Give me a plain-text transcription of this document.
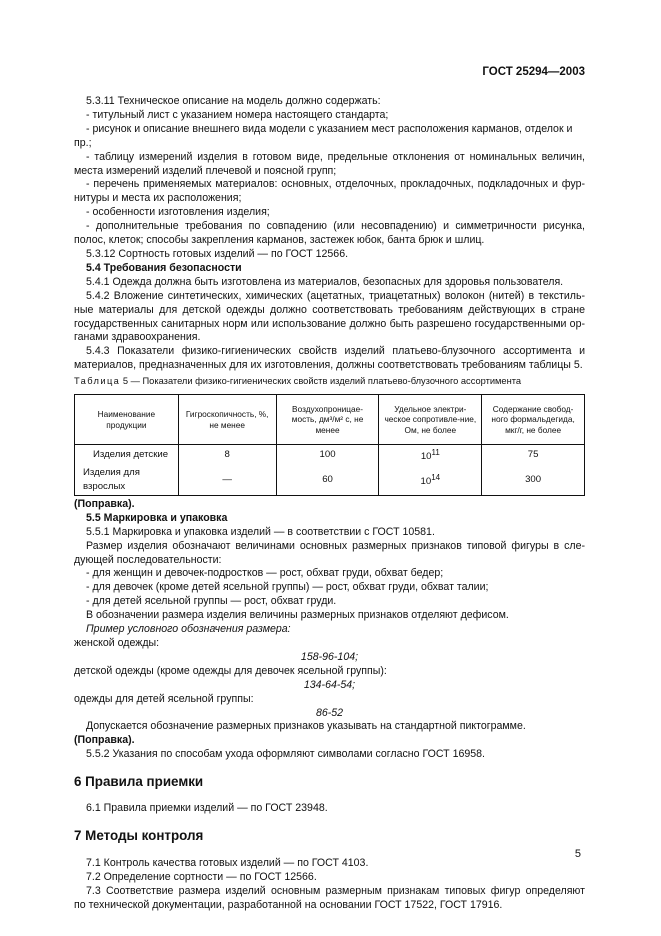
ГОСТ 25294—2003

5.3.11 Техническое описание на модель должно содержать:

- титульный лист с указанием номера настоящего стандарта;

- рисунок и описание внешнего вида модели с указанием мест расположения карманов, отделок и пр.;

- таблицу измерений изделия в готовом виде, предельные отклонения от номинальных величин,

места измерений изделий плечевой и поясной групп;

- перечень применяемых материалов: основных, отделочных, прокладочных, подкладочных и фур-

нитуры и места их расположения;

- особенности изготовления изделия;

- дополнительные требования по совпадению (или несовпадению) и симметричности рисунка,

полос, клеток; способы закрепления карманов, застежек юбок, банта брюк и шлиц.

5.3.12 Сортность готовых изделий — по ГОСТ 12566.

5.4 Требования безопасности

5.4.1 Одежда должна быть изготовлена из материалов, безопасных для здоровья пользователя.

5.4.2 Вложение синтетических, химических (ацетатных, триацетатных) волокон (нитей) в текстиль-

ные материалы для детской одежды должно соответствовать требованиям действующих в стране

государственных санитарных норм или использование должно быть разрешено государственными ор-

ганами здравоохранения.

5.4.3 Показатели физико-гигиенических свойств изделий платьево-блузочного ассортимента и

материалов, предназначенных для их изготовления, должны соответствовать требованиям таблицы 5.

Таблица 5 — Показатели физико-гигиенических свойств изделий платьево-блузочного ассортимента

Наименование продукции	Гигроскопичность, %, не менее	Воздухопроницае-мость, дм³/м² с, не менее	Удельное электри-ческое сопротивле-ние, Ом, не более	Содержание свобод-ного формальдегида, мкг/г, не более
Изделия детские	8	100	$10^{11}$	75
Изделия для взрослых	—	60	$10^{14}$	300

(Поправка).

5.5 Маркировка и упаковка

5.5.1 Маркировка и упаковка изделий — в соответствии с ГОСТ 10581.

Размер изделия обозначают величинами основных размерных признаков типовой фигуры в сле-

дующей последовательности:

- для женщин и девочек-подростков — рост, обхват груди, обхват бедер;

- для девочек (кроме детей ясельной группы) — рост, обхват груди, обхват талии;

- для детей ясельной группы — рост, обхват груди.

В обозначении размера изделия величины размерных признаков отделяют дефисом.

Пример условного обозначения размера:

женской одежды:

158-96-104;

детской одежды (кроме одежды для девочек ясельной группы):

134-64-54;

одежды для детей ясельной группы:

86-52

Допускается обозначение размерных признаков указывать на стандартной пиктограмме.

(Поправка).

5.5.2 Указания по способам ухода оформляют символами согласно ГОСТ 16958.

6 Правила приемки

6.1 Правила приемки изделий — по ГОСТ 23948.

7 Методы контроля

7.1 Контроль качества готовых изделий — по ГОСТ 4103.

7.2 Определение сортности — по ГОСТ 12566.

7.3 Соответствие размера изделий основным размерным признакам типовых фигур определяют

по технической документации, разработанной на основании ГОСТ 17522, ГОСТ 17916.

5
